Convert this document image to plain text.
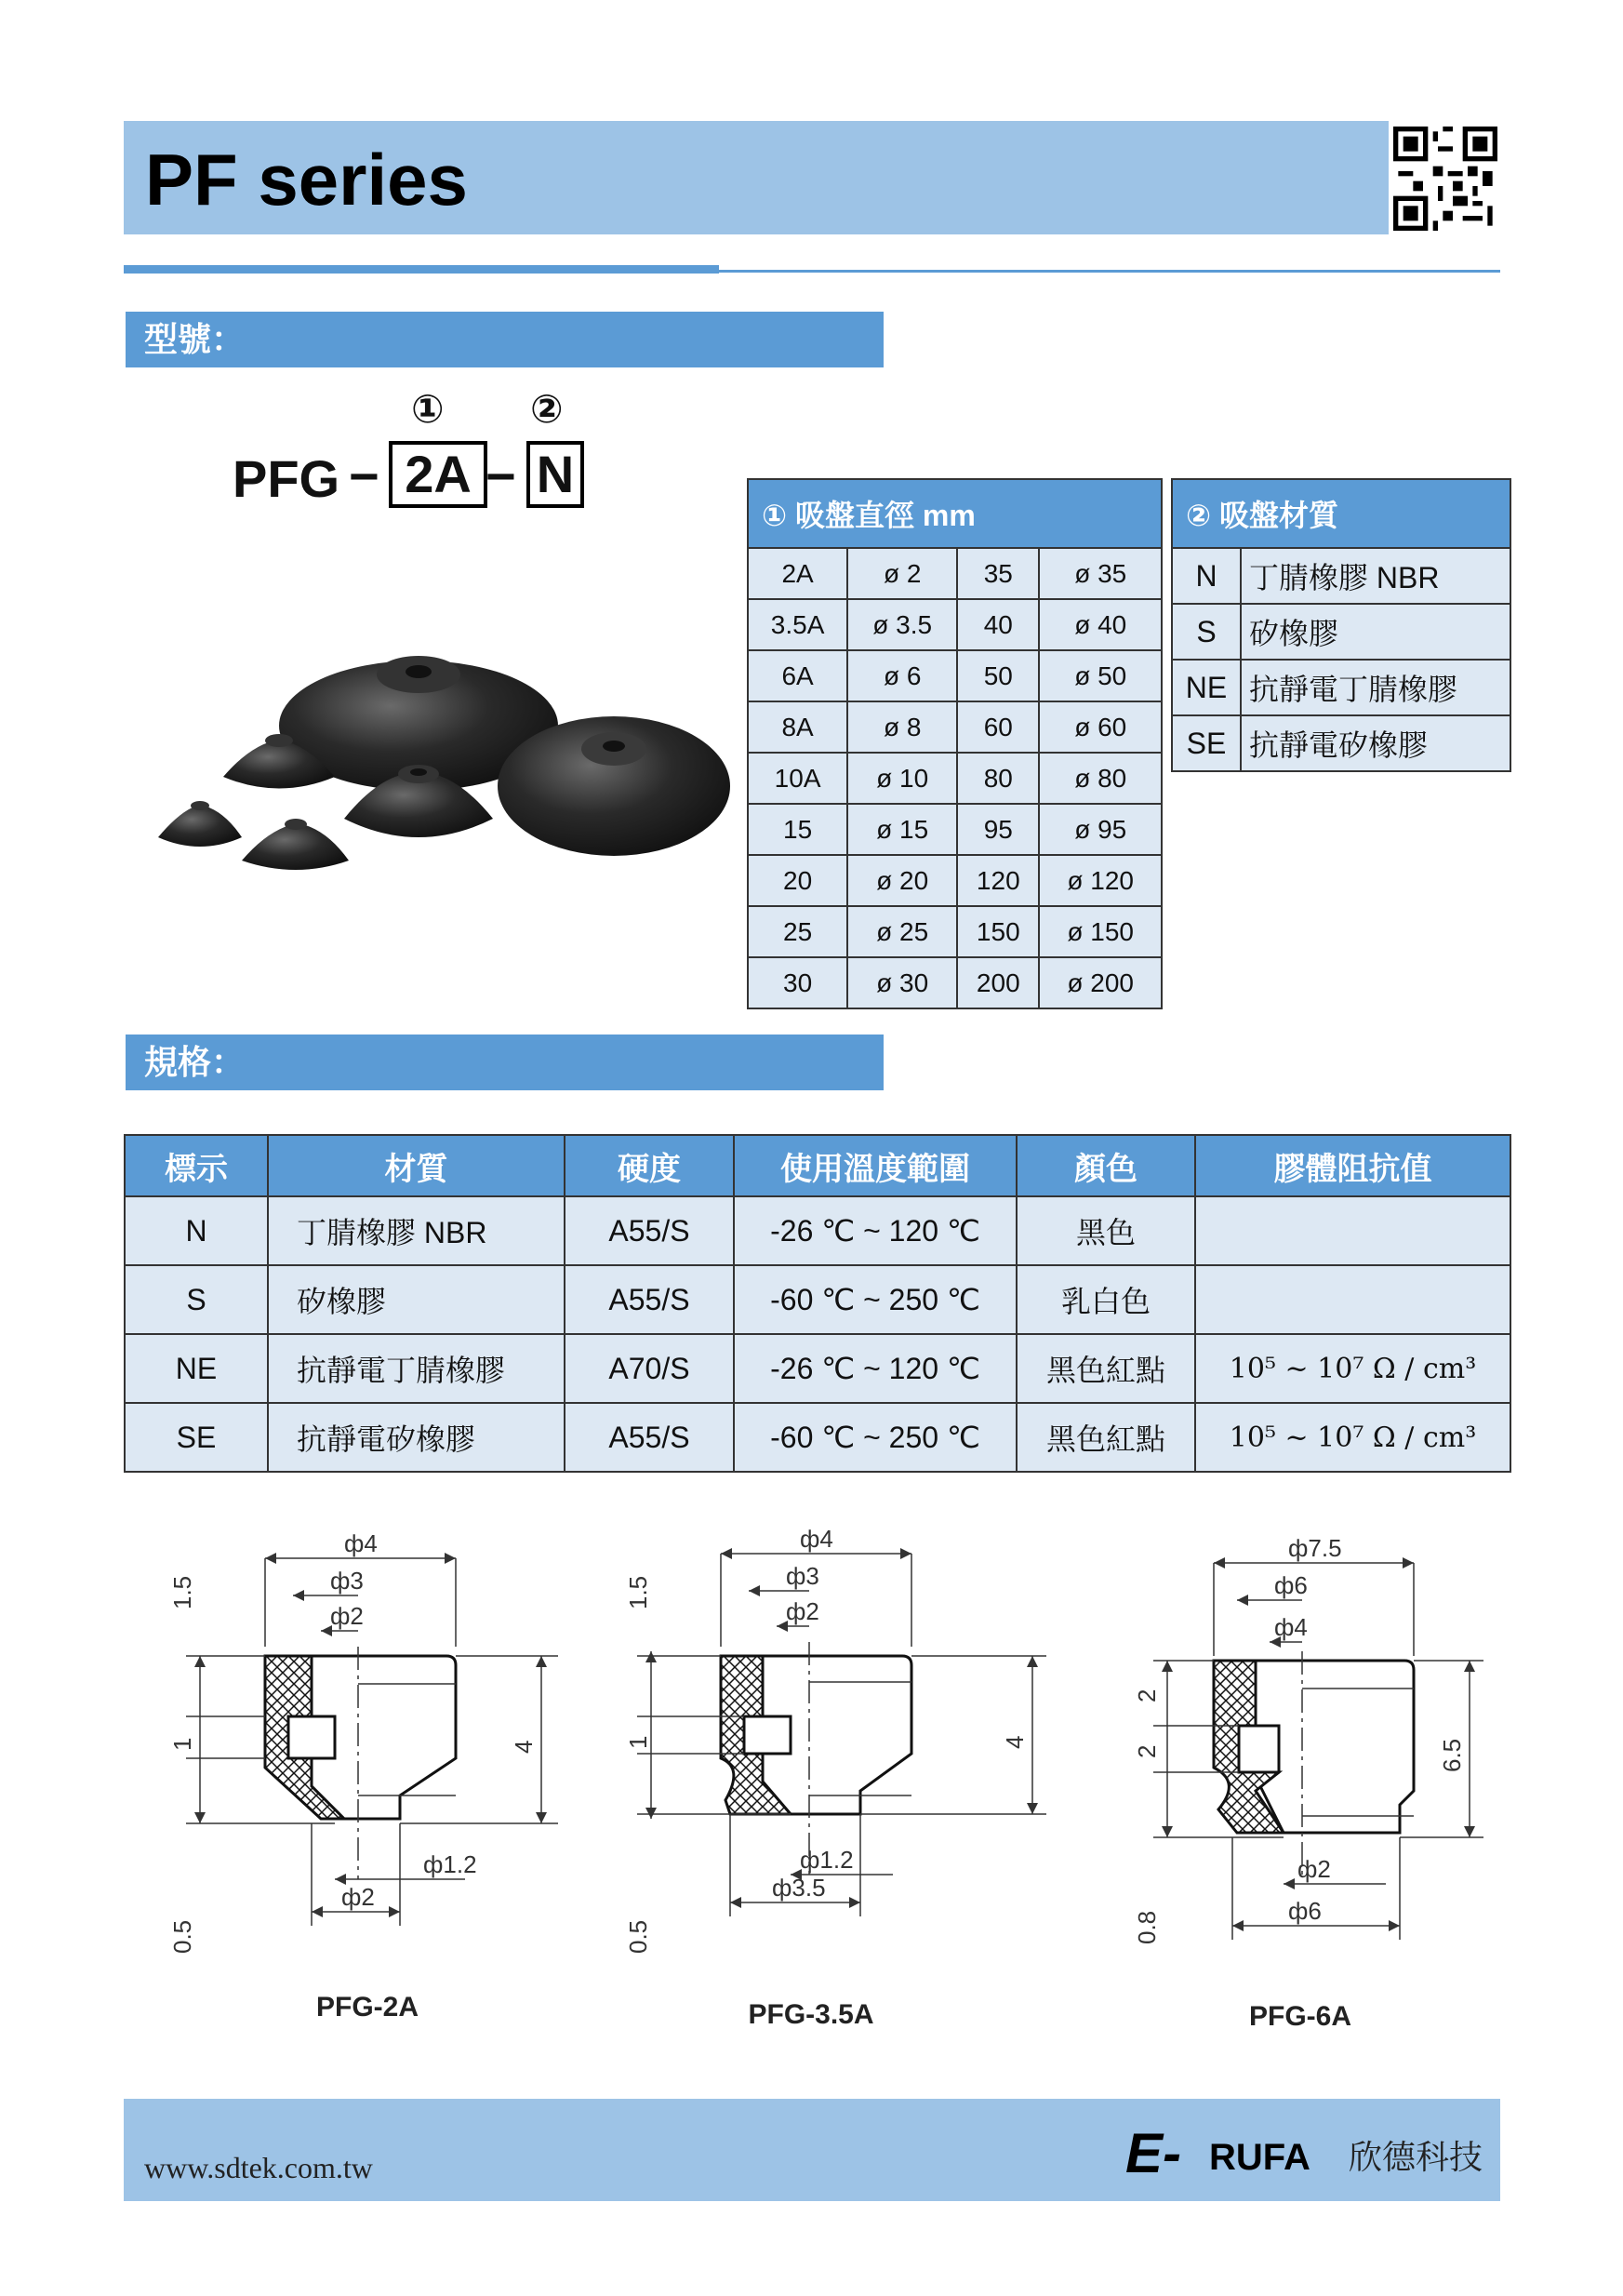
PF series
型號：
① ②
PFG − 2A − N
① 吸盤直徑 mm			
2A	ø 2	35	ø 35
3.5A	ø 3.5	40	ø 40
6A	ø 6	50	ø 50
8A	ø 8	60	ø 60
10A	ø 10	80	ø 80
15	ø 15	95	ø 95
20	ø 20	120	ø 120
25	ø 25	150	ø 150
30	ø 30	200	ø 200
② 吸盤材質	
N	丁腈橡膠 NBR
S	矽橡膠
NE	抗靜電丁腈橡膠
SE	抗靜電矽橡膠
規格：
標示	材質	硬度	使用溫度範圍	顏色	膠體阻抗值
N	丁腈橡膠 NBR	A55/S	-26 ℃ ~ 120 ℃	黑色	
S	矽橡膠	A55/S	-60 ℃ ~ 250 ℃	乳白色	
NE	抗靜電丁腈橡膠	A70/S	-26 ℃ ~ 120 ℃	黑色紅點	10⁵ ~ 10⁷ Ω / cm³
SE	抗靜電矽橡膠	A55/S	-60 ℃ ~ 250 ℃	黑色紅點	10⁵ ~ 10⁷ Ω / cm³
ф4
ф3
ф2
1.5
1
0.5
4
ф1.2
ф2
ф4
ф3
ф2
1.5
1
0.5
4
ф1.2
ф3.5
ф7.5
ф6
ф4
2
2
0.8
6.5
ф2
ф6
PFG-2A	PFG-3.5A	PFG-6A
www.sdtek.com.tw	E- RUFA 欣德科技
